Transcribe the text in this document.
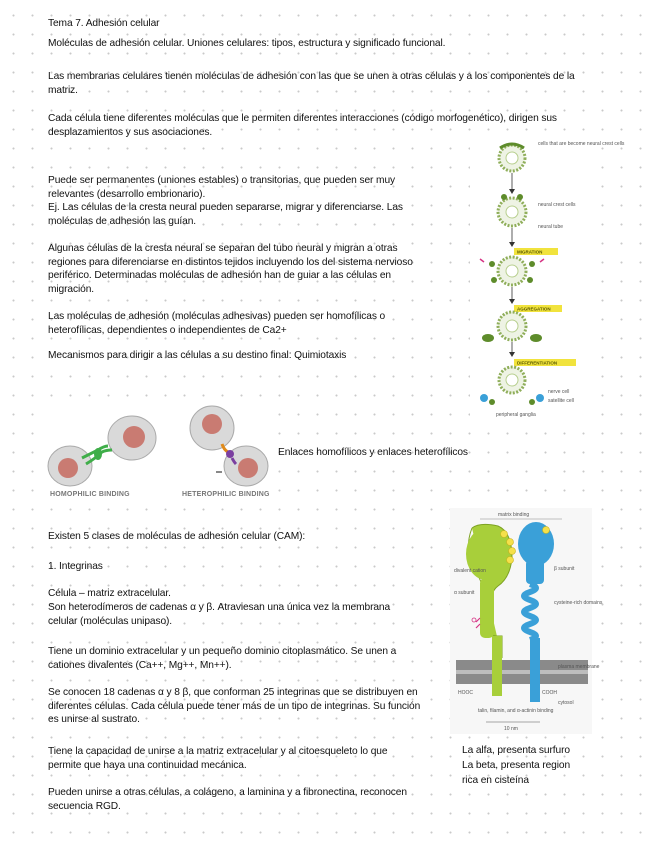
Tema 7. Adhesión celular

Moléculas de adhesión celular. Uniones celulares: tipos, estructura y significado funcional.

Las membranas celulares tienen moléculas de adhesión con las que se unen a otras células y a los componentes de la matriz.

Cada célula tiene diferentes moléculas que le permiten diferentes interacciones (código morfogenético), dirigen sus desplazamientos y sus asociaciones.

Puede ser permanentes (uniones estables) o transitorias, que pueden ser muy relevantes (desarrollo embrionario).

Ej. Las células de la cresta neural pueden separarse, migrar y diferenciarse. Las moléculas de adhesión las guían.

Algunas células de la cresta neural se separan del tubo neural y migran a otras regiones para diferenciarse en distintos tejidos incluyendo los del sistema nervioso periférico. Determinadas moléculas de adhesión han de guiar a las células en migración.

Las moléculas de adhesión (moléculas adhesivas) pueden ser homofílicas o heterofílicas, dependientes o independientes de Ca2+

Mecanismos para dirigir a las células a su destino final: Quimiotaxis

cells that are become neural crest cells
neural crest cells
neural tube
MIGRATION
AGGREGATION
DIFFERENTIATION
nerve cell
satellite cell
peripheral ganglia
HOMOPHILIC BINDING	HETEROPHILIC BINDING

Enlaces homofílicos y enlaces heterofílicos

Existen 5 clases de moléculas de adhesión celular (CAM):

1. Integrinas

Célula – matriz extracelular.

Son heterodímeros de cadenas α y β. Atraviesan una única vez la membrana celular (moléculas unipaso).

Tiene un dominio extracelular y un pequeño dominio citoplasmático. Se unen a cationes divalentes (Ca++, Mg++, Mn++).

Se conocen 18 cadenas α y 8 β, que conforman 25 integrinas que se distribuyen en diferentes células. Cada célula puede tener más de un tipo de integrinas. Su función es unirse al sustrato.

Tiene la capacidad de unirse a la matriz extracelular y al citoesqueleto lo que permite que haya una continuidad mecánica.

Pueden unirse a otras células, a colágeno, a laminina y a fibronectina, reconocen secuencia RGD.

matrix binding
divalent cation
α subunit
β subunit
cysteine-rich domains
plasma membrane
HOOC	COOH
cytosol
talin, filamin, and α-actinin binding
10 nm

La alfa, presenta surfuro

La beta, presenta region

rica en cisteína
